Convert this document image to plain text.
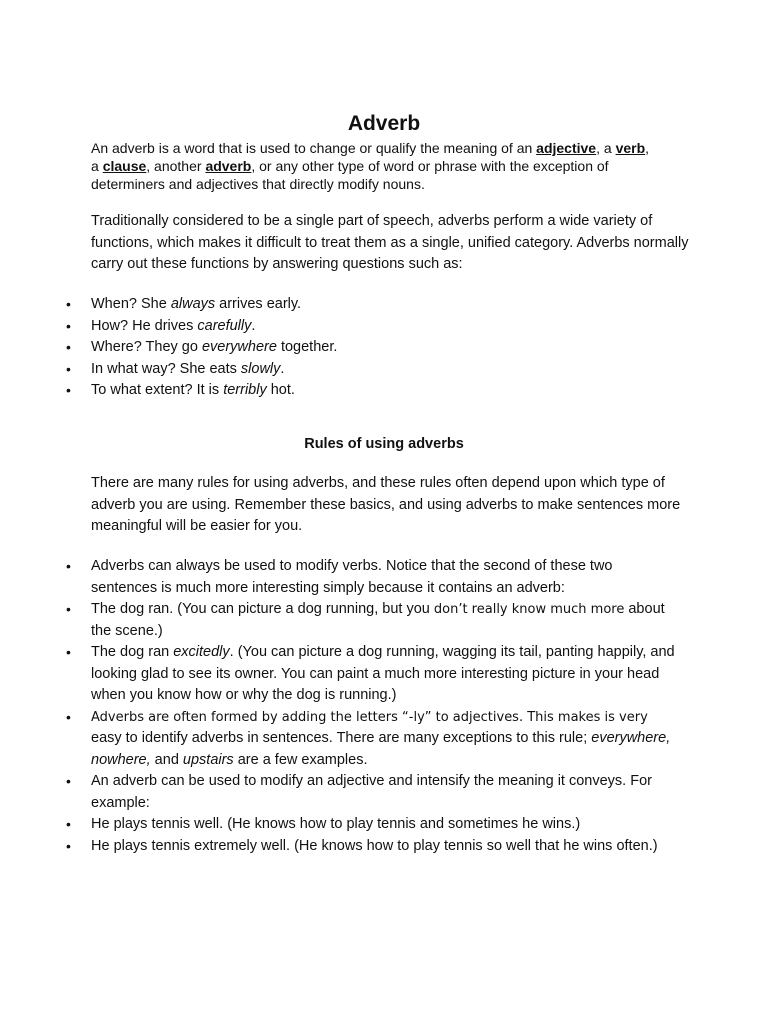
Adverb
An adverb is a word that is used to change or qualify the meaning of an adjective, a verb, a clause, another adverb, or any other type of word or phrase with the exception of determiners and adjectives that directly modify nouns.
Traditionally considered to be a single part of speech, adverbs perform a wide variety of functions, which makes it difficult to treat them as a single, unified category. Adverbs normally carry out these functions by answering questions such as:
• When? She always arrives early.
• How? He drives carefully.
• Where? They go everywhere together.
• In what way? She eats slowly.
• To what extent? It is terribly hot.
Rules of using adverbs
There are many rules for using adverbs, and these rules often depend upon which type of adverb you are using. Remember these basics, and using adverbs to make sentences more meaningful will be easier for you.
• Adverbs can always be used to modify verbs. Notice that the second of these two sentences is much more interesting simply because it contains an adverb:
• The dog ran. (You can picture a dog running, but you don’t really know much more about the scene.)
• The dog ran excitedly. (You can picture a dog running, wagging its tail, panting happily, and looking glad to see its owner. You can paint a much more interesting picture in your head when you know how or why the dog is running.)
• Adverbs are often formed by adding the letters “-ly” to adjectives. This makes is very easy to identify adverbs in sentences. There are many exceptions to this rule; everywhere, nowhere, and upstairs are a few examples.
• An adverb can be used to modify an adjective and intensify the meaning it conveys. For example:
• He plays tennis well. (He knows how to play tennis and sometimes he wins.)
• He plays tennis extremely well. (He knows how to play tennis so well that he wins often.)
